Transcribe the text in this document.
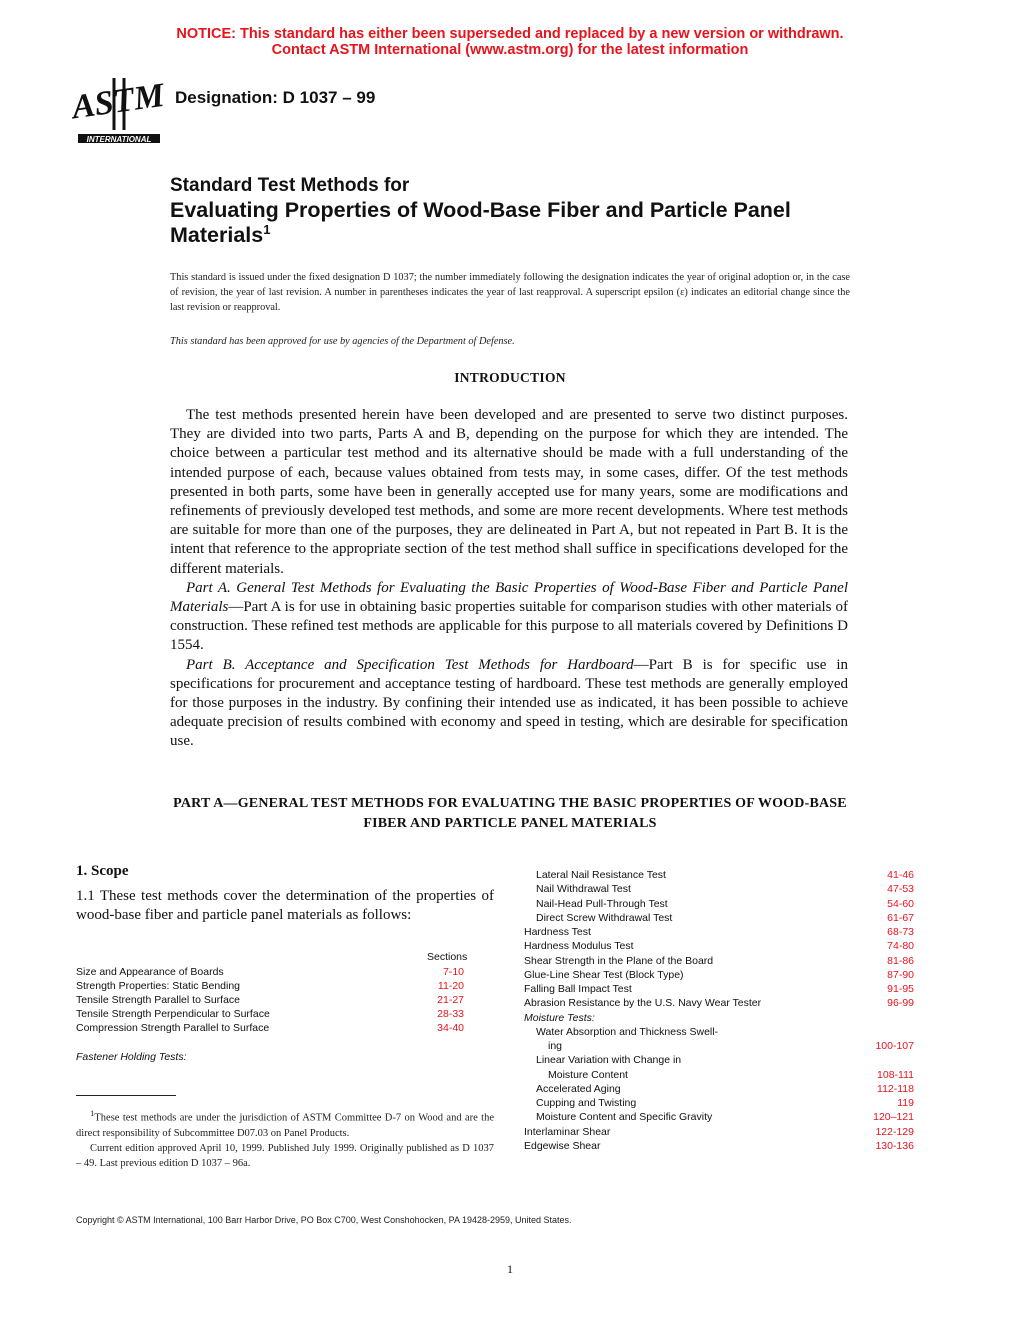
NOTICE: This standard has either been superseded and replaced by a new version or withdrawn.
Contact ASTM International (www.astm.org) for the latest information
ASTM
INTERNATIONAL
Designation: D 1037 – 99
Standard Test Methods for
Evaluating Properties of Wood-Base Fiber and Particle Panel Materials$^1$
This standard is issued under the fixed designation D 1037; the number immediately following the designation indicates the year of original adoption or, in the case of revision, the year of last revision. A number in parentheses indicates the year of last reapproval. A superscript epsilon (ε) indicates an editorial change since the last revision or reapproval.
This standard has been approved for use by agencies of the Department of Defense.
INTRODUCTION

The test methods presented herein have been developed and are presented to serve two distinct purposes. They are divided into two parts, Parts A and B, depending on the purpose for which they are intended. The choice between a particular test method and its alternative should be made with a full understanding of the intended purpose of each, because values obtained from tests may, in some cases, differ. Of the test methods presented in both parts, some have been in generally accepted use for many years, some are modifications and refinements of previously developed test methods, and some are more recent developments. Where test methods are suitable for more than one of the purposes, they are delineated in Part A, but not repeated in Part B. It is the intent that reference to the appropriate section of the test method shall suffice in specifications developed for the different materials.

Part A. General Test Methods for Evaluating the Basic Properties of Wood-Base Fiber and Particle Panel Materials—Part A is for use in obtaining basic properties suitable for comparison studies with other materials of construction. These refined test methods are applicable for this purpose to all materials covered by Definitions D 1554.

Part B. Acceptance and Specification Test Methods for Hardboard—Part B is for specific use in specifications for procurement and acceptance testing of hardboard. These test methods are generally employed for those purposes in the industry. By confining their intended use as indicated, it has been possible to achieve adequate precision of results combined with economy and speed in testing, which are desirable for specification use.

PART A—GENERAL TEST METHODS FOR EVALUATING THE BASIC PROPERTIES OF WOOD-BASE
FIBER AND PARTICLE PANEL MATERIALS
1. Scope
1.1 These test methods cover the determination of the properties of wood-base fiber and particle panel materials as follows:
Sections
Size and Appearance of Boards	7-10
Strength Properties: Static Bending	11-20
Tensile Strength Parallel to Surface	21-27
Tensile Strength Perpendicular to Surface	28-33
Compression Strength Parallel to Surface	34-40
Fastener Holding Tests:
Lateral Nail Resistance Test	41-46
Nail Withdrawal Test	47-53
Nail-Head Pull-Through Test	54-60
Direct Screw Withdrawal Test	61-67
Hardness Test	68-73
Hardness Modulus Test	74-80
Shear Strength in the Plane of the Board	81-86
Glue-Line Shear Test (Block Type)	87-90
Falling Ball Impact Test	91-95
Abrasion Resistance by the U.S. Navy Wear Tester	96-99
Moisture Tests:
Water Absorption and Thickness Swell-
ing	100-107
Linear Variation with Change in
Moisture Content	108-111
Accelerated Aging	112-118
Cupping and Twisting	119
Moisture Content and Specific Gravity	120–121
Interlaminar Shear	122-129
Edgewise Shear	130-136

$^1$These test methods are under the jurisdiction of ASTM Committee D-7 on Wood and are the direct responsibility of Subcommittee D07.03 on Panel Products.

Current edition approved April 10, 1999. Published July 1999. Originally published as D 1037 – 49. Last previous edition D 1037 – 96a.

Copyright © ASTM International, 100 Barr Harbor Drive, PO Box C700, West Conshohocken, PA 19428-2959, United States.
1
